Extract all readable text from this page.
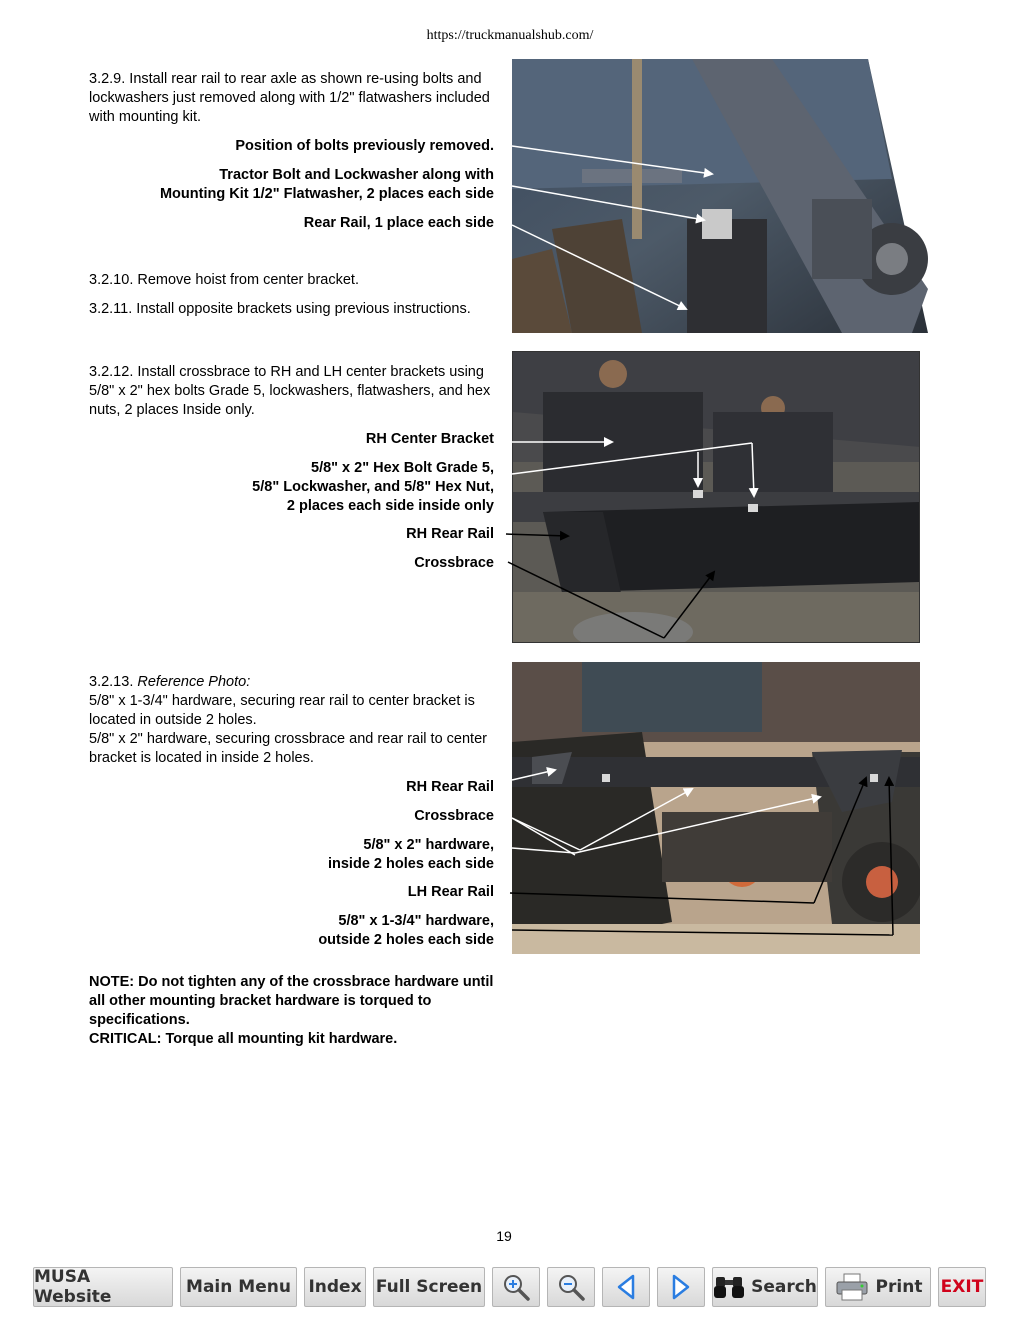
https://truckmanualshub.com/
3.2.9. Install rear rail to rear axle as shown re-using bolts and lockwashers just removed along with 1/2" flatwashers included with mounting kit.
Position of bolts previously removed.
Tractor Bolt and Lockwasher along with
Mounting Kit 1/2" Flatwasher, 2 places each side
Rear Rail, 1 place each side
3.2.10. Remove hoist from center bracket.
3.2.11. Install opposite brackets using previous instructions.
3.2.12. Install crossbrace to RH and LH center brackets using 5/8" x 2" hex bolts Grade 5, lockwashers, flatwashers, and hex nuts, 2 places Inside only.
RH Center Bracket
5/8" x 2" Hex Bolt Grade 5,
5/8" Lockwasher, and 5/8" Hex Nut,
2 places each side inside only
RH Rear Rail
Crossbrace
3.2.13. Reference Photo:
5/8" x 1-3/4" hardware, securing rear rail to center bracket is located in outside 2 holes.
5/8" x 2" hardware, securing crossbrace and rear rail to center bracket is located in inside 2 holes.
RH Rear Rail
Crossbrace
5/8" x 2" hardware,
inside 2 holes each side
LH Rear Rail
5/8" x 1-3/4" hardware,
outside 2 holes each side
NOTE: Do not tighten any of the crossbrace hardware until all other mounting bracket hardware is torqued to specifications.
CRITICAL: Torque all mounting kit hardware.
19
MUSA Website	Main Menu Index Full Screen	Search	Print EXIT
